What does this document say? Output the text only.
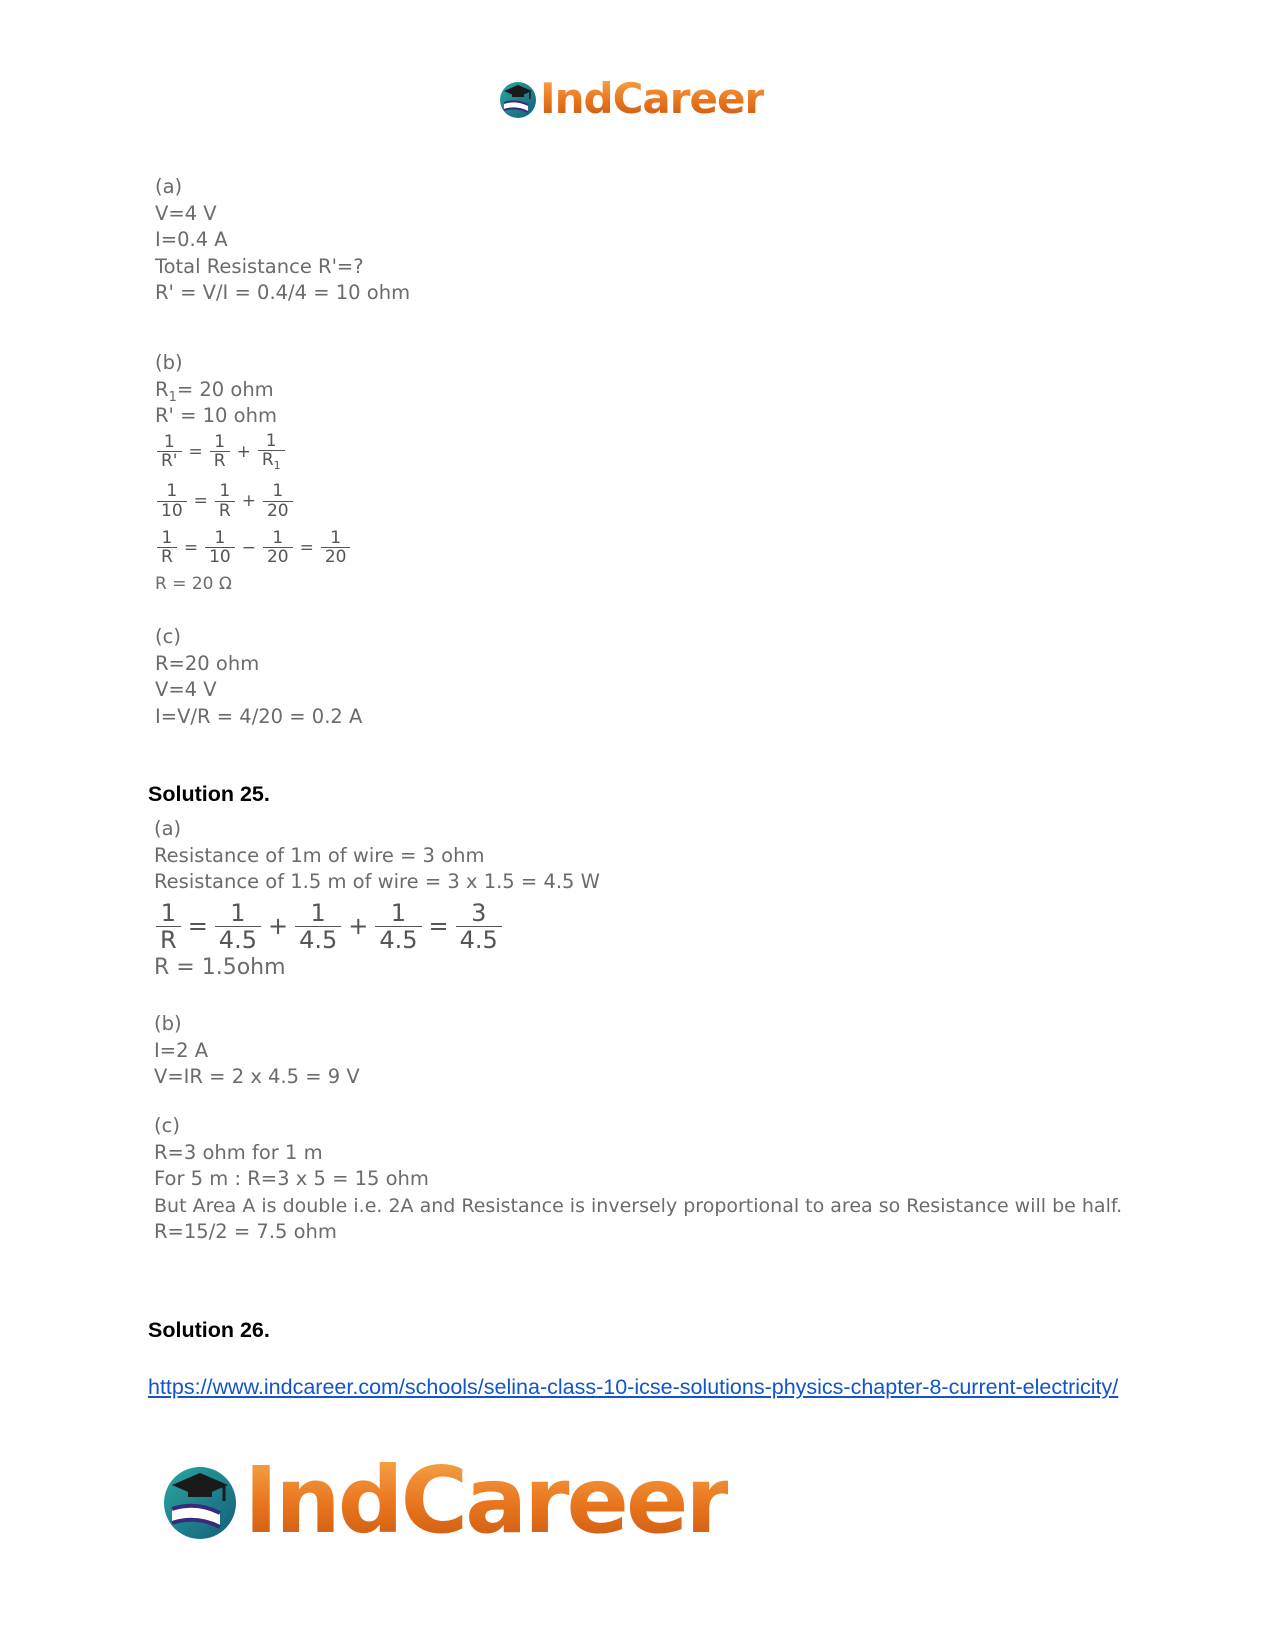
IndCareer
(a)
V=4 V
I=0.4 A
Total Resistance R'=?
R' = V/I = 0.4/4 = 10 ohm
(b)
$R_1= 20$ ohm
R' = 10 ohm
$\frac{1}{R'} = \frac{1}{R} + \frac{1}{R_1}$
$\frac{1}{10} = \frac{1}{R} + \frac{1}{20}$
$\frac{1}{R} = \frac{1}{10} - \frac{1}{20} = \frac{1}{20}$
R = 20 Ω
(c)
R=20 ohm
V=4 V
I=V/R = 4/20 = 0.2 A
Solution 25.
(a)
Resistance of 1m of wire = 3 ohm
Resistance of 1.5 m of wire = 3 x 1.5 = 4.5 W
$\frac{1}{R} = \frac{1}{4.5} + \frac{1}{4.5} + \frac{1}{4.5} = \frac{3}{4.5}$
R = 1.5ohm
(b)
I=2 A
V=IR = 2 x 4.5 = 9 V
(c)
R=3 ohm for 1 m
For 5 m : R=3 x 5 = 15 ohm
But Area A is double i.e. 2A and Resistance is inversely proportional to area so Resistance will be half.
R=15/2 = 7.5 ohm
Solution 26.
https://www.indcareer.com/schools/selina-class-10-icse-solutions-physics-chapter-8-current-electricity/
IndCareer
